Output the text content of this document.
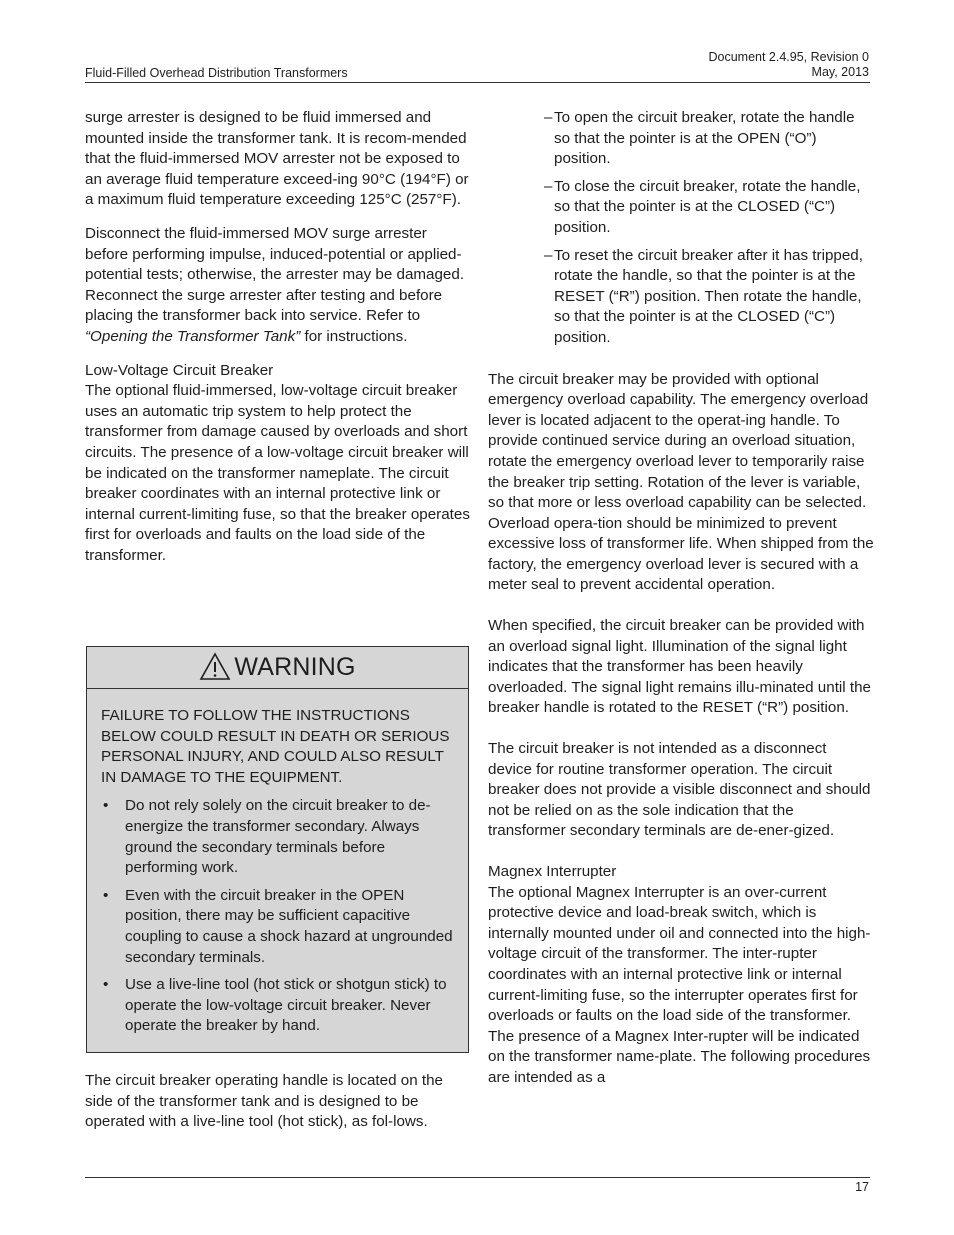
Fluid-Filled Overhead Distribution Transformers
Document 2.4.95, Revision 0
May, 2013

surge arrester is designed to be fluid immersed and mounted inside the transformer tank. It is recom-mended that the fluid-immersed MOV arrester not be exposed to an average fluid temperature exceed-ing 90°C (194°F) or a maximum fluid temperature exceeding 125°C (257°F).

Disconnect the fluid-immersed MOV surge arrester before performing impulse, induced-potential or applied-potential tests; otherwise, the arrester may be damaged. Reconnect the surge arrester after testing and before placing the transformer back into service. Refer to “Opening the Transformer Tank” for instructions.

Low-Voltage Circuit Breaker

The optional fluid-immersed, low-voltage circuit breaker uses an automatic trip system to help protect the transformer from damage caused by overloads and short circuits. The presence of a low-voltage circuit breaker will be indicated on the transformer nameplate. The circuit breaker coordinates with an internal protective link or internal current-limiting fuse, so that the breaker operates first for overloads and faults on the load side of the transformer.

WARNING

FAILURE TO FOLLOW THE INSTRUCTIONS BELOW COULD RESULT IN DEATH OR SERIOUS PERSONAL INJURY, AND COULD ALSO RESULT IN DAMAGE TO THE EQUIPMENT.

• Do not rely solely on the circuit breaker to de-energize the transformer secondary. Always ground the secondary terminals before performing work.
• Even with the circuit breaker in the OPEN position, there may be sufficient capacitive coupling to cause a shock hazard at ungrounded secondary terminals.
• Use a live-line tool (hot stick or shotgun stick) to operate the low-voltage circuit breaker. Never operate the breaker by hand.

The circuit breaker operating handle is located on the side of the transformer tank and is designed to be operated with a live-line tool (hot stick), as fol-lows.

– To open the circuit breaker, rotate the handle so that the pointer is at the OPEN (“O”) position.
– To close the circuit breaker, rotate the handle, so that the pointer is at the CLOSED (“C”) position.
– To reset the circuit breaker after it has tripped, rotate the handle, so that the pointer is at the RESET (“R”) position. Then rotate the handle, so that the pointer is at the CLOSED (“C”) position.

The circuit breaker may be provided with optional emergency overload capability. The emergency overload lever is located adjacent to the operat-ing handle. To provide continued service during an overload situation, rotate the emergency overload lever to temporarily raise the breaker trip setting. Rotation of the lever is variable, so that more or less overload capability can be selected. Overload opera-tion should be minimized to prevent excessive loss of transformer life. When shipped from the factory, the emergency overload lever is secured with a meter seal to prevent accidental operation.

When specified, the circuit breaker can be provided with an overload signal light. Illumination of the signal light indicates that the transformer has been heavily overloaded. The signal light remains illu-minated until the breaker handle is rotated to the RESET (“R”) position.

The circuit breaker is not intended as a disconnect device for routine transformer operation. The circuit breaker does not provide a visible disconnect and should not be relied on as the sole indication that the transformer secondary terminals are de-ener-gized.

Magnex Interrupter

The optional Magnex Interrupter is an over-current protective device and load-break switch, which is internally mounted under oil and connected into the high-voltage circuit of the transformer. The inter-rupter coordinates with an internal protective link or internal current-limiting fuse, so the interrupter operates first for overloads or faults on the load side of the transformer. The presence of a Magnex Inter-rupter will be indicated on the transformer name-plate. The following procedures are intended as a

17
